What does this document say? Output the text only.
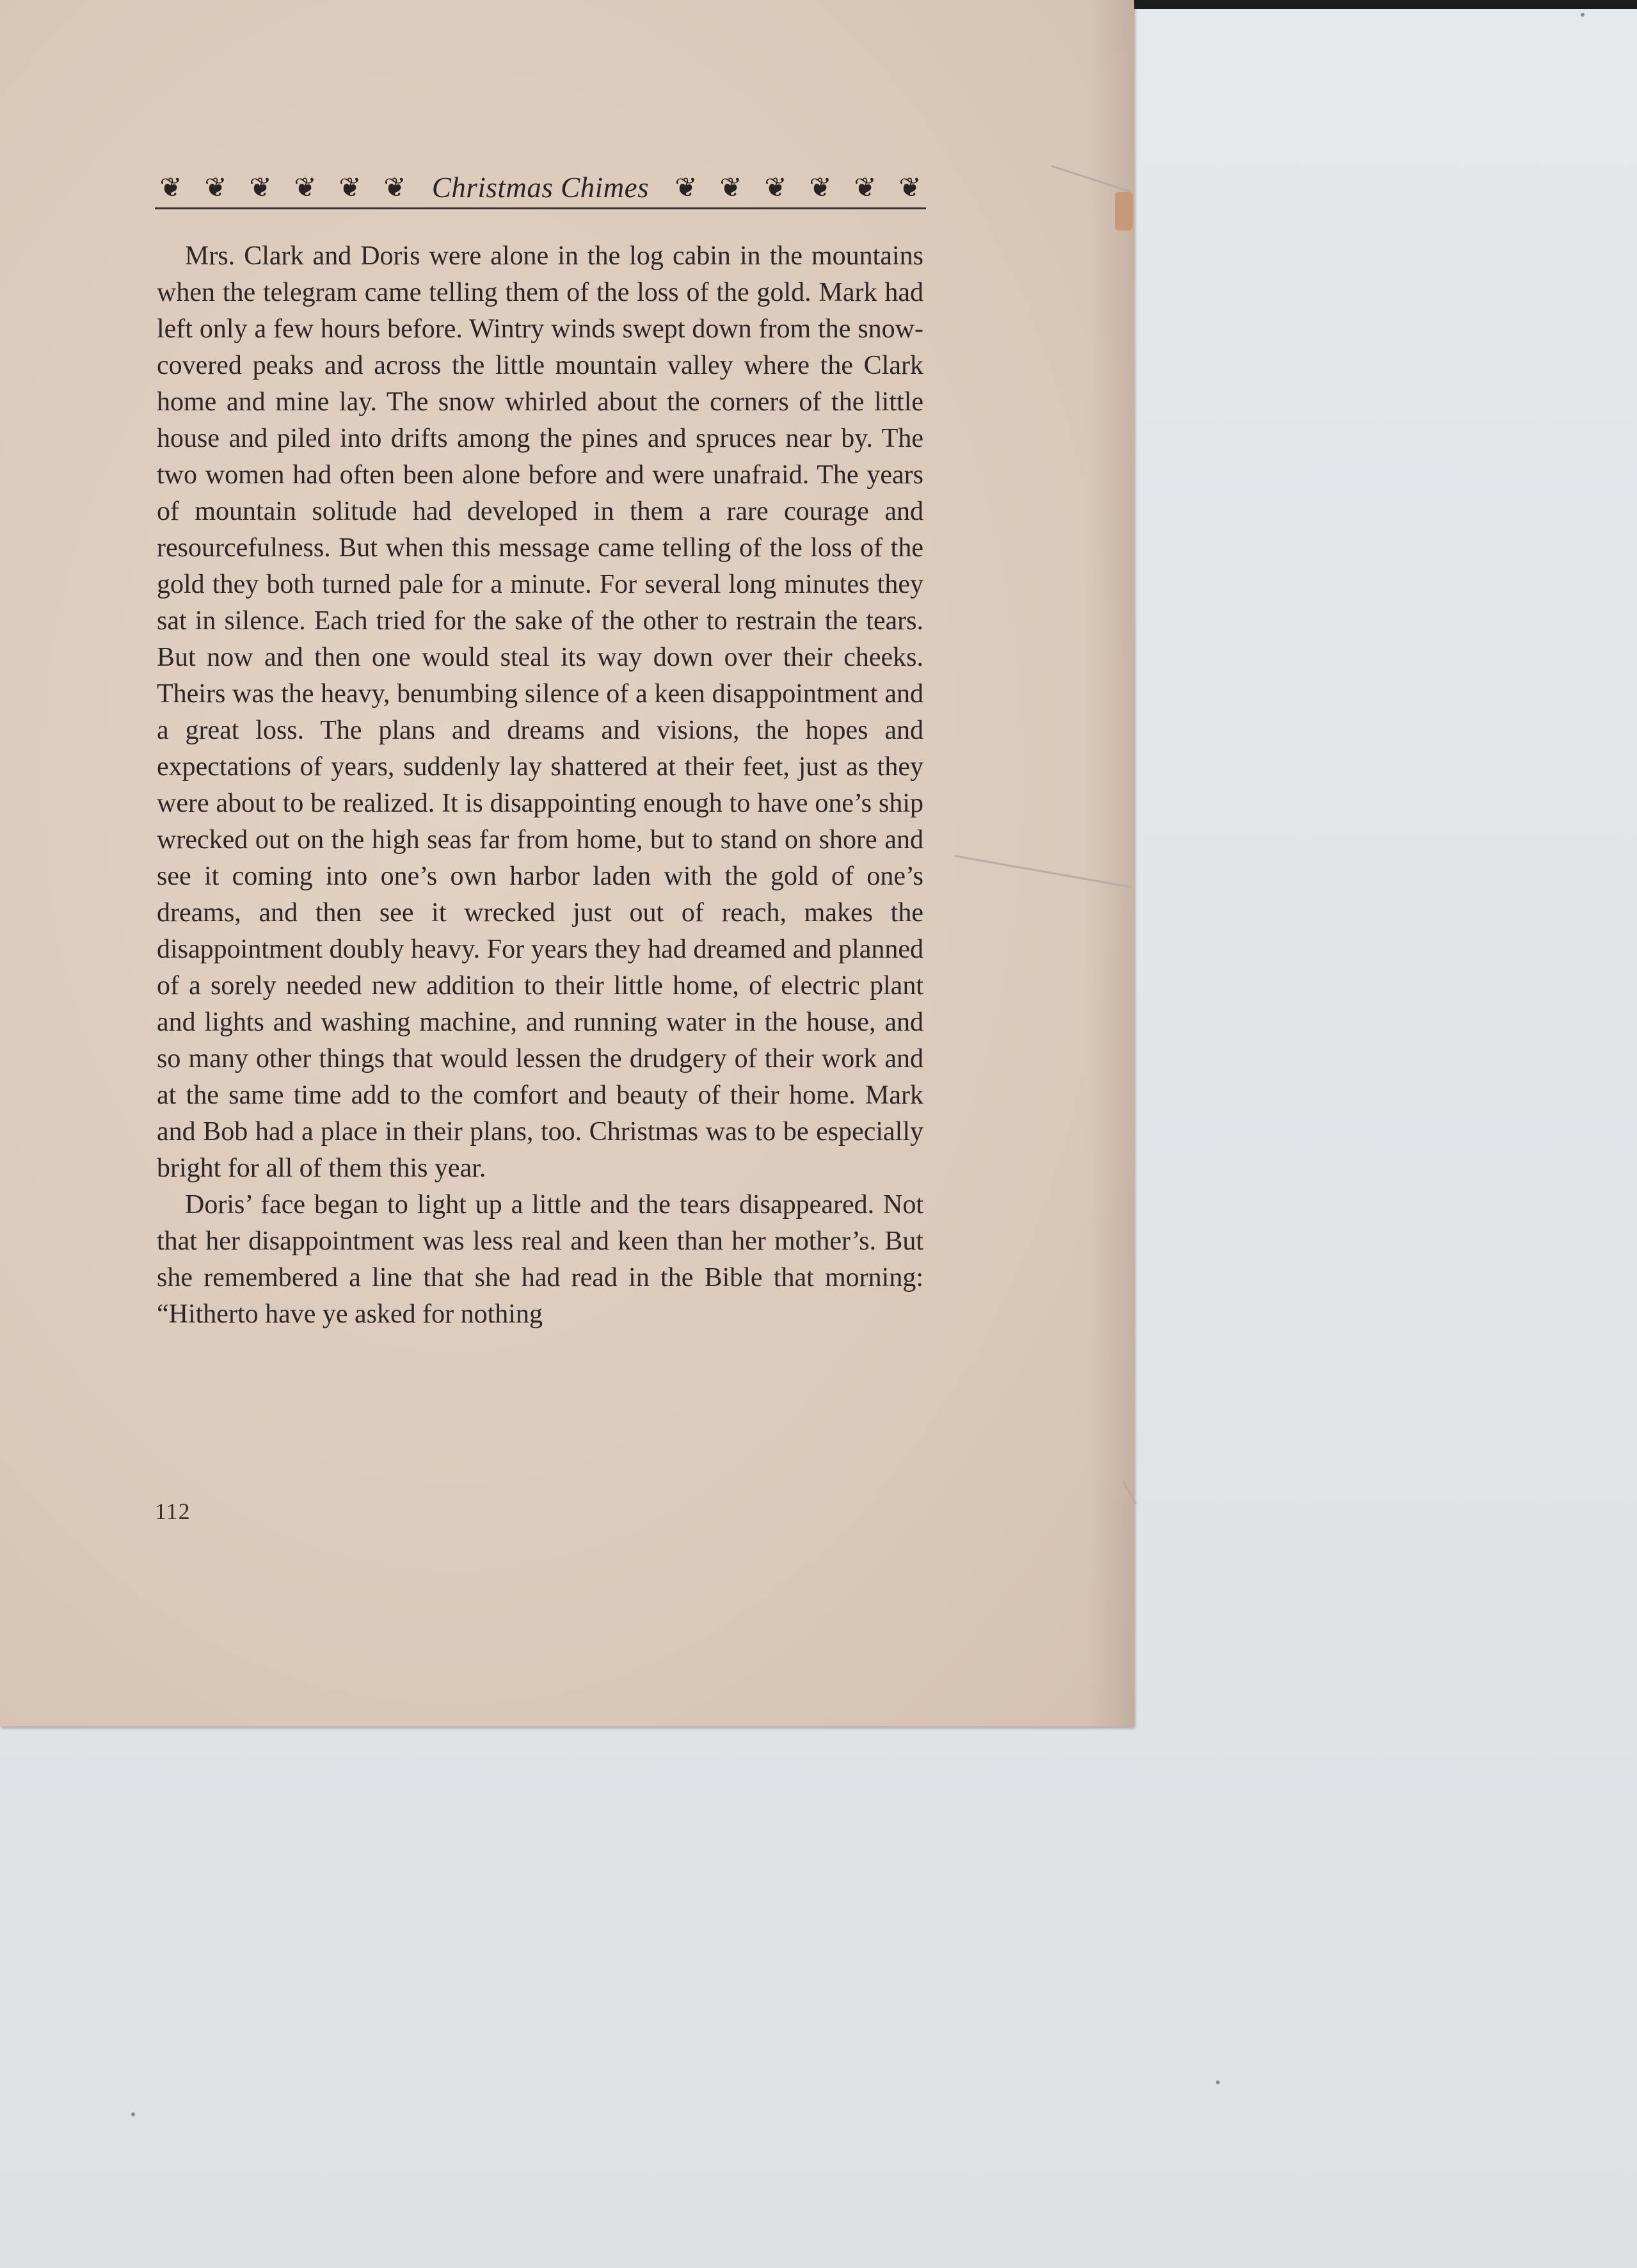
❦ ❦ ❦ ❦ ❦ ❦ Christmas Chimes ❦ ❦ ❦ ❦ ❦ ❦

Mrs. Clark and Doris were alone in the log cabin in the mountains when the telegram came telling them of the loss of the gold. Mark had left only a few hours before. Wintry winds swept down from the snow-covered peaks and across the little mountain valley where the Clark home and mine lay. The snow whirled about the corners of the little house and piled into drifts among the pines and spruces near by. The two women had often been alone before and were unafraid. The years of mountain solitude had developed in them a rare courage and resourcefulness. But when this message came telling of the loss of the gold they both turned pale for a minute. For several long minutes they sat in silence. Each tried for the sake of the other to restrain the tears. But now and then one would steal its way down over their cheeks. Theirs was the heavy, benumbing silence of a keen disappointment and a great loss. The plans and dreams and visions, the hopes and expectations of years, suddenly lay shattered at their feet, just as they were about to be realized. It is disappointing enough to have one’s ship wrecked out on the high seas far from home, but to stand on shore and see it coming into one’s own harbor laden with the gold of one’s dreams, and then see it wrecked just out of reach, makes the disappointment doubly heavy. For years they had dreamed and planned of a sorely needed new addition to their little home, of electric plant and lights and washing machine, and running water in the house, and so many other things that would lessen the drudgery of their work and at the same time add to the comfort and beauty of their home. Mark and Bob had a place in their plans, too. Christmas was to be especially bright for all of them this year.

Doris’ face began to light up a little and the tears disappeared. Not that her disappointment was less real and keen than her mother’s. But she remembered a line that she had read in the Bible that morning: “Hitherto have ye asked for nothing

112
